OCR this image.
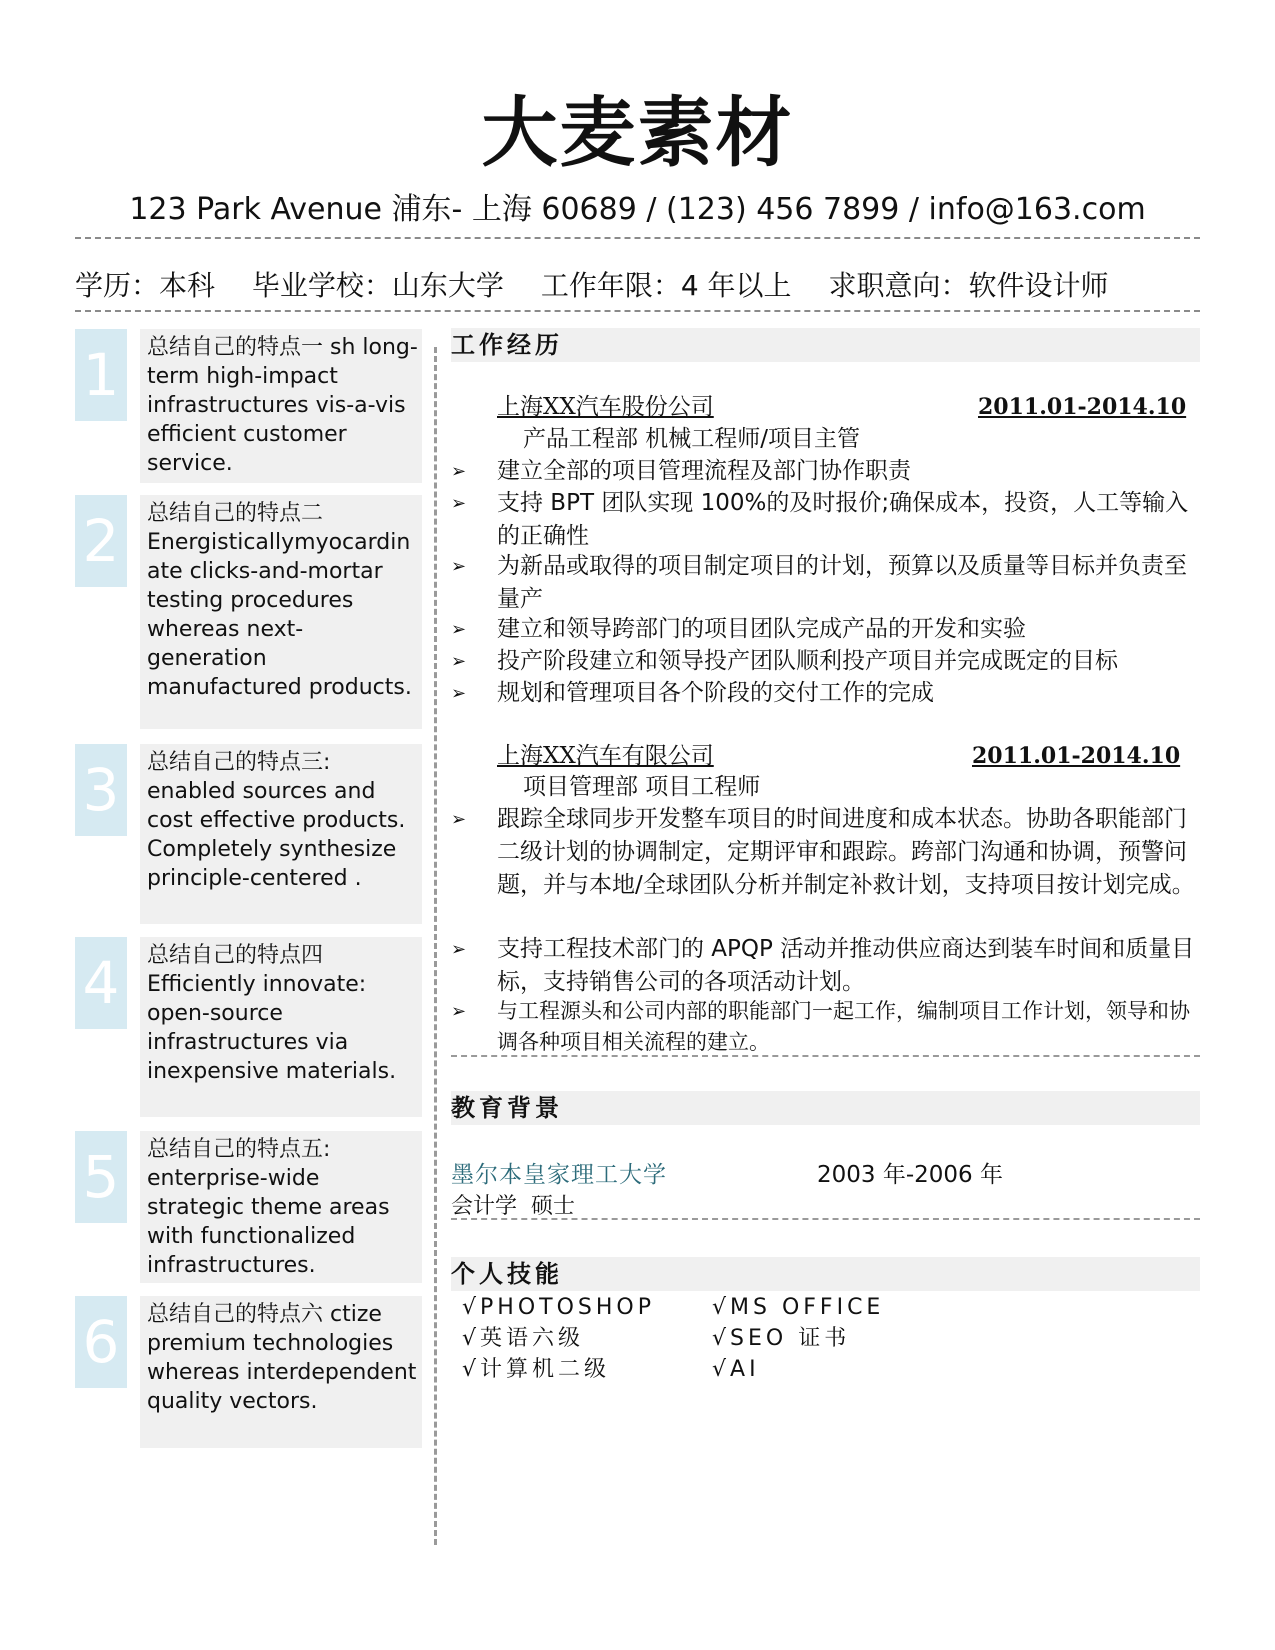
大麦素材
123 Park Avenue 浦东- 上海 60689 / (123) 456 7899 / info@163.com
学历：本科 毕业学校：山东大学 工作年限：4 年以上 求职意向：软件设计师
1	总结自己的特点一 sh long-term high-impact infrastructures vis-a-vis efficient customer service.
2	总结自己的特点二 Energisticallymyocardinate clicks-and-mortar testing procedures whereas next-generation manufactured products.
3	总结自己的特点三: enabled sources and cost effective products. Completely synthesize principle-centered .
4	总结自己的特点四 Efficiently innovate: open-source infrastructures via inexpensive materials.
5	总结自己的特点五: enterprise-wide strategic theme areas with functionalized infrastructures.
6	总结自己的特点六 ctize premium technologies whereas interdependent quality vectors.
工作经历
上海XX汽车股份公司	2011.01-2014.10
产品工程部 机械工程师/项目主管
➢ 建立全部的项目管理流程及部门协作职责
➢ 支持 BPT 团队实现 100%的及时报价;确保成本，投资，人工等输入的正确性
➢ 为新品或取得的项目制定项目的计划，预算以及质量等目标并负责至量产
➢ 建立和领导跨部门的项目团队完成产品的开发和实验
➢ 投产阶段建立和领导投产团队顺利投产项目并完成既定的目标
➢ 规划和管理项目各个阶段的交付工作的完成
上海XX汽车有限公司	2011.01-2014.10
项目管理部 项目工程师
➢ 跟踪全球同步开发整车项目的时间进度和成本状态。协助各职能部门二级计划的协调制定，定期评审和跟踪。跨部门沟通和协调，预警问题，并与本地/全球团队分析并制定补救计划，支持项目按计划完成。
➢ 支持工程技术部门的 APQP 活动并推动供应商达到装车时间和质量目标，支持销售公司的各项活动计划。
➢ 与工程源头和公司内部的职能部门一起工作，编制项目工作计划，领导和协调各种项目相关流程的建立。
教育背景
墨尔本皇家理工大学	2003 年-2006 年
会计学  硕士
个人技能
√PHOTOSHOP	√MS OFFICE
√英语六级	√SEO 证书
√计算机二级	√AI
